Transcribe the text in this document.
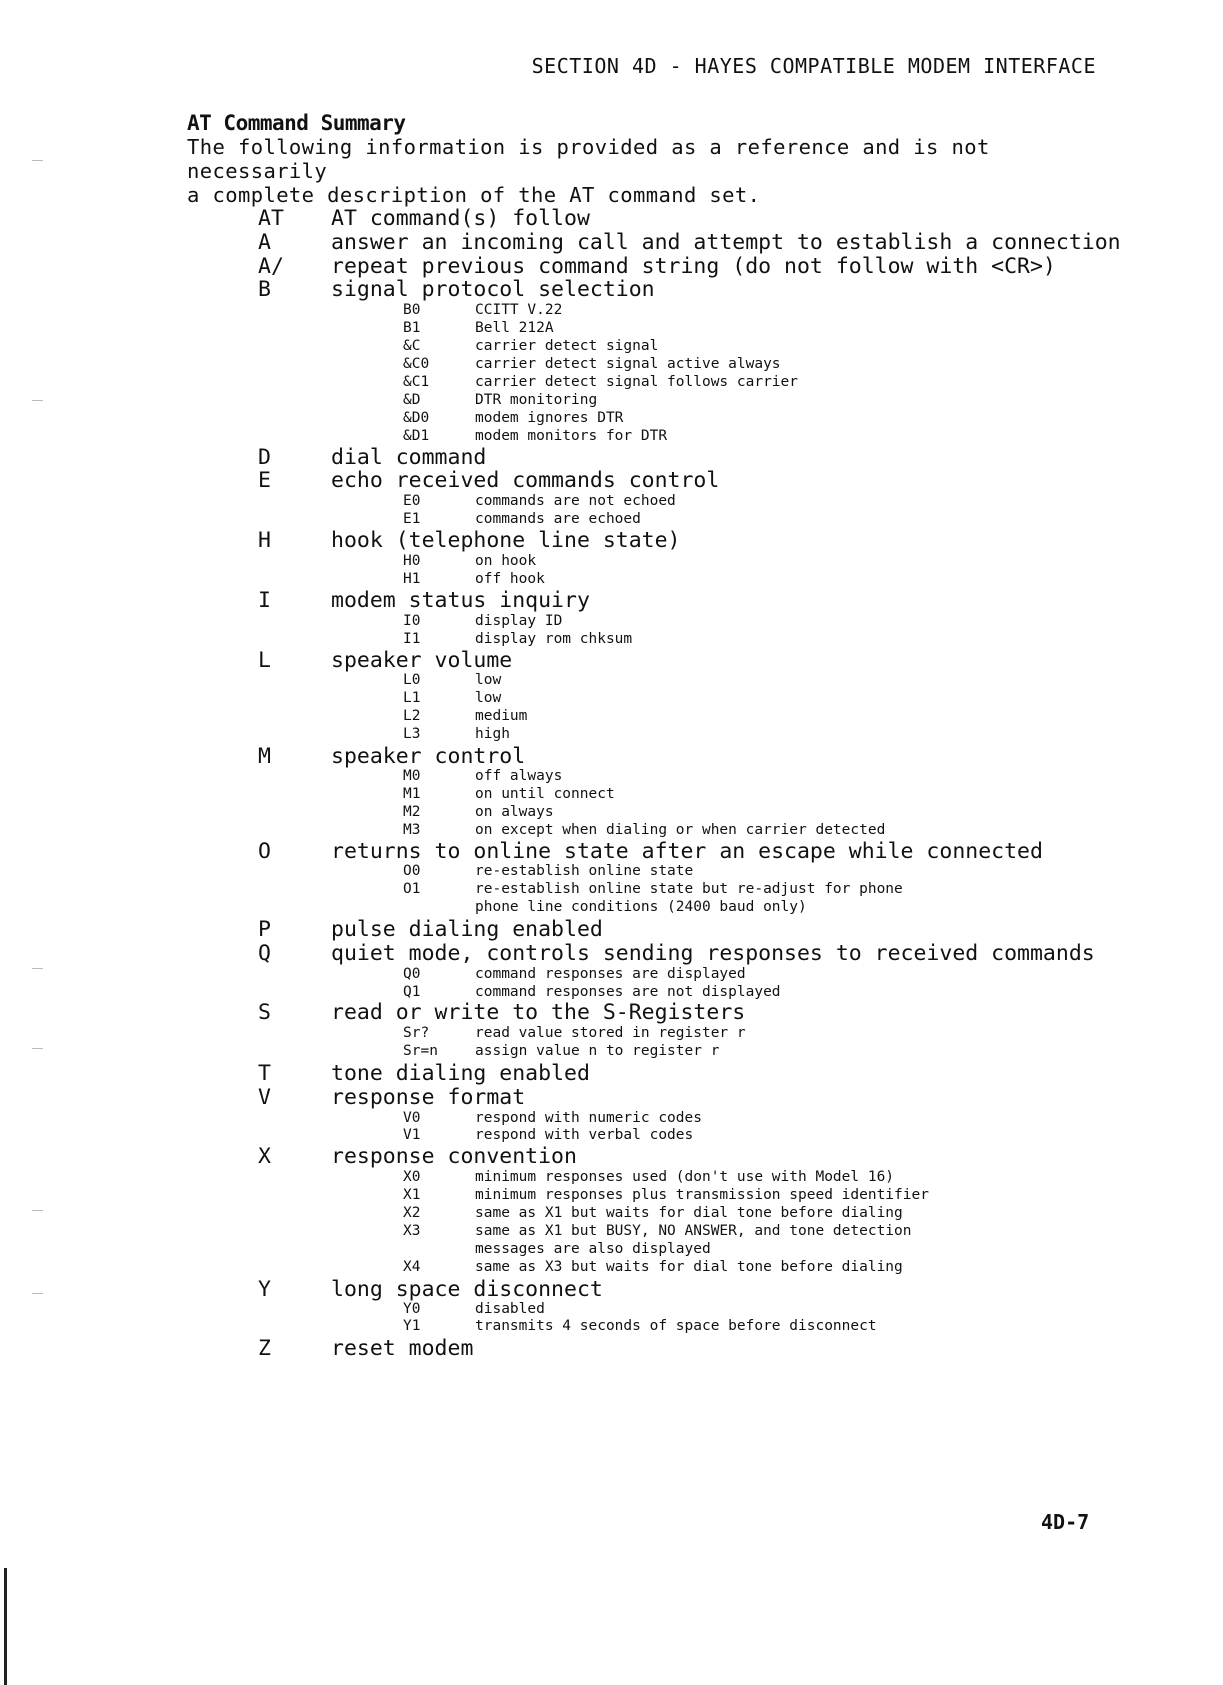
SECTION 4D - HAYES COMPATIBLE MODEM INTERFACE
AT Command Summary
The following information is provided as a reference and is not necessarily
a complete description of the AT command set.
AT AT command(s) follow
A	answer an incoming call and attempt to establish a connection
A/ repeat previous command string (do not follow with <CR>)
B	signal protocol selection
B0	CCITT V.22
B1	Bell 212A
&C	carrier detect signal
&C0	carrier detect signal active always
&C1	carrier detect signal follows carrier
&D	DTR monitoring
&D0	modem ignores DTR
&D1	modem monitors for DTR
D	dial command
E	echo received commands control
E0	commands are not echoed
E1	commands are echoed
H	hook (telephone line state)
H0	on hook
H1	off hook
I	modem status inquiry
I0	display ID
I1	display rom chksum
L	speaker volume
L0	low
L1	low
L2	medium
L3	high
M	speaker control
M0	off always
M1	on until connect
M2	on always
M3	on except when dialing or when carrier detected
O	returns to online state after an escape while connected
O0	re-establish online state
O1	re-establish online state but re-adjust for phone
phone line conditions (2400 baud only)
P	pulse dialing enabled
Q	quiet mode, controls sending responses to received commands
Q0	command responses are displayed
Q1	command responses are not displayed
S	read or write to the S-Registers
Sr?	read value stored in register r
Sr=n	assign value n to register r
T	tone dialing enabled
V	response format
V0	respond with numeric codes
V1	respond with verbal codes
X	response convention
X0	minimum responses used (don't use with Model 16)
X1	minimum responses plus transmission speed identifier
X2	same as X1 but waits for dial tone before dialing
X3	same as X1 but BUSY, NO ANSWER, and tone detection
messages are also displayed
X4	same as X3 but waits for dial tone before dialing
Y	long space disconnect
Y0	disabled
Y1	transmits 4 seconds of space before disconnect
Z	reset modem
4D-7
